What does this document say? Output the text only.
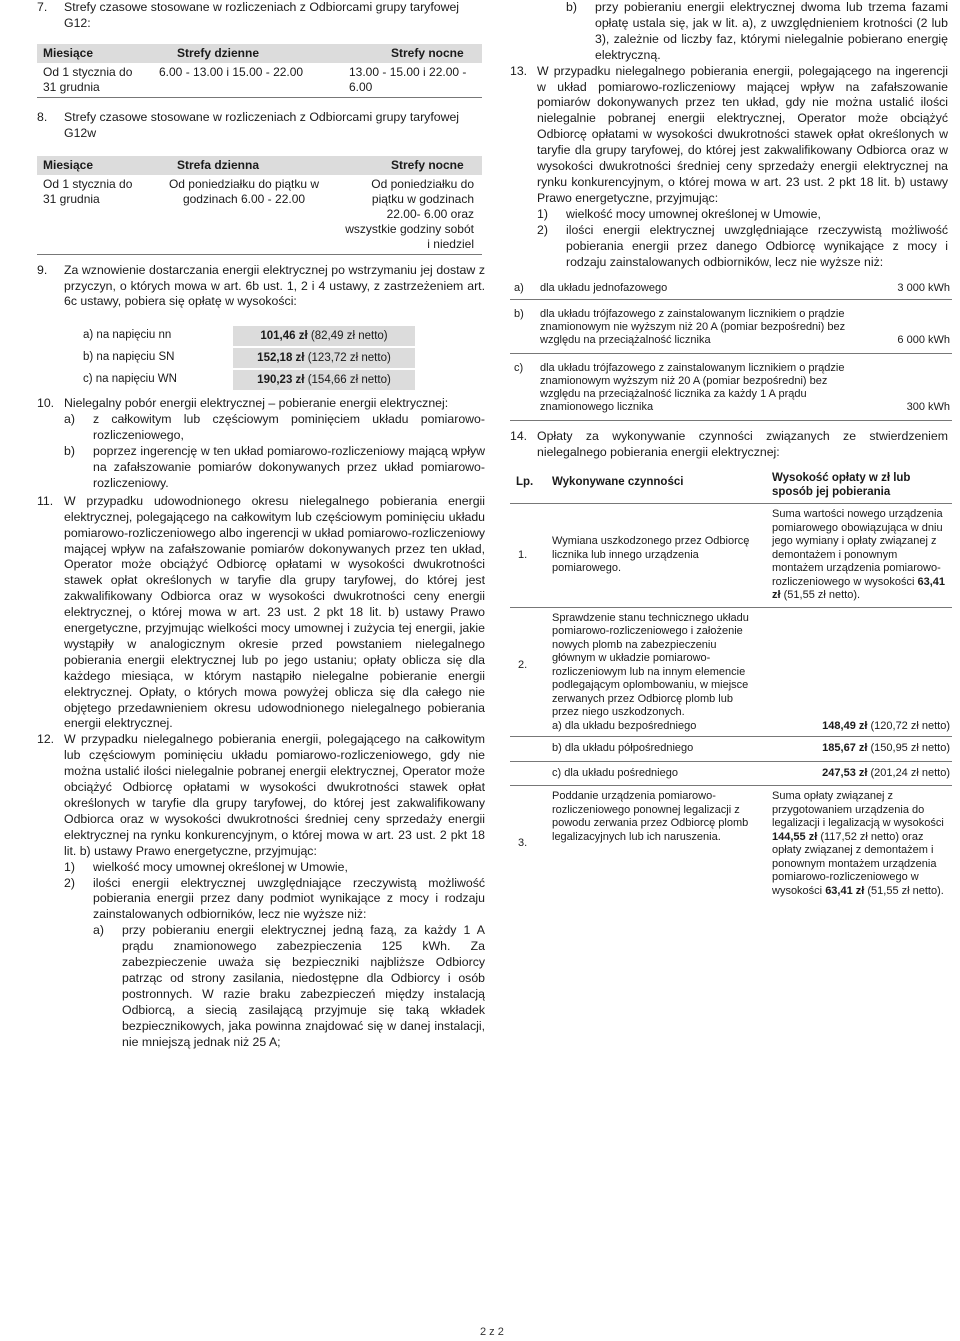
7. Strefy czasowe stosowane w rozliczeniach z Odbiorcami grupy taryfowej G12:

Miesiące	Strefy dzienne	Strefy nocne
Od 1 stycznia do 31 grudnia	6.00 - 13.00 i 15.00 - 22.00	13.00 - 15.00 i 22.00 - 6.00
8. Strefy czasowe stosowane w rozliczeniach z Odbiorcami grupy taryfowej G12w

Miesiące	Strefa dzienna	Strefy nocne
Od 1 stycznia do 31 grudnia	Od poniedziałku do piątku w godzinach 6.00 - 22.00	Od poniedziałku do piątku w godzinach 22.00- 6.00 oraz wszystkie godziny sobót i niedziel
9. Za wznowienie dostarczania energii elektrycznej po wstrzymaniu jej dostaw z przyczyn, o których mowa w art. 6b ust. 1, 2 i 4 ustawy, z zastrzeżeniem art. 6c ustawy, pobiera się opłatę w wysokości:

a) na napięciu nn	101,46 zł (82,49 zł netto)
b) na napięciu SN	152,18 zł (123,72 zł netto)
c) na napięciu WN	190,23 zł (154,66 zł netto)
10. Nielegalny pobór energii elektrycznej – pobieranie energii elektrycznej:

a) z całkowitym lub częściowym pominięciem układu pomiarowo-rozliczeniowego,

b) poprzez ingerencję w ten układ pomiarowo-rozliczeniowy mającą wpływ na zafałszowanie pomiarów dokonywanych przez układ pomiarowo-rozliczeniowy.

11. W przypadku udowodnionego okresu nielegalnego pobierania energii elektrycznej, polegającego na całkowitym lub częściowym pominięciu układu pomiarowo-rozliczeniowego albo ingerencji w układ pomiarowo-rozliczeniowy mającej wpływ na zafałszowanie pomiarów dokonywanych przez ten układ, Operator może obciążyć Odbiorcę opłatami w wysokości dwukrotności stawek opłat określonych w taryfie dla grupy taryfowej, do której jest zakwalifikowany Odbiorca oraz w wysokości dwukrotności ceny energii elektrycznej, o której mowa w art. 23 ust. 2 pkt 18 lit. b) ustawy Prawo energetyczne, przyjmując wielkości mocy umownej i zużycia tej energii, jakie wystąpiły w analogicznym okresie przed powstaniem nielegalnego pobierania energii elektrycznej lub po jego ustaniu; opłaty oblicza się dla każdego miesiąca, w którym nastąpiło nielegalne pobieranie energii elektrycznej. Opłaty, o których mowa powyżej oblicza się dla całego nie objętego przedawnieniem okresu udowodnionego nielegalnego pobierania energii elektrycznej.

12. W przypadku nielegalnego pobierania energii, polegającego na całkowitym lub częściowym pominięciu układu pomiarowo-rozliczeniowego, gdy nie można ustalić ilości nielegalnie pobranej energii elektrycznej, Operator może obciążyć Odbiorcę opłatami w wysokości dwukrotności stawek opłat określonych w taryfie dla grupy taryfowej, do której jest zakwalifikowany Odbiorca oraz w wysokości dwukrotności średniej ceny sprzedaży energii elektrycznej na rynku konkurencyjnym, o której mowa w art. 23 ust. 2 pkt 18 lit. b) ustawy Prawo energetyczne, przyjmując:

1) wielkość mocy umownej określonej w Umowie,

2) ilości energii elektrycznej uwzględniające rzeczywistą możliwość pobierania energii przez dany podmiot wynikające z mocy i rodzaju zainstalowanych odbiorników, lecz nie wyższe niż:

a) przy pobieraniu energii elektrycznej jedną fazą, za każdy 1 A prądu znamionowego zabezpieczenia 125 kWh. Za zabezpieczenie uważa się bezpieczniki najbliższe Odbiorcy patrząc od strony zasilania, niedostępne dla Odbiorcy i osób postronnych. W razie braku zabezpieczeń między instalacją Odbiorcą, a siecią zasilającą przyjmuje się taką wkładek bezpiecznikowych, jaka powinna znajdować się w danej instalacji, nie mniejszą jednak niż 25 A;

b) przy pobieraniu energii elektrycznej dwoma lub trzema fazami opłatę ustala się, jak w lit. a), z uwzględnieniem krotności (2 lub 3), zależnie od liczby faz, którymi nielegalnie pobierano energię elektryczną.

13. W przypadku nielegalnego pobierania energii, polegającego na ingerencji w układ pomiarowo-rozliczeniowy mającej wpływ na zafałszowanie pomiarów dokonywanych przez ten układ, gdy nie można ustalić ilości nielegalnie pobranej energii elektrycznej, Operator może obciążyć Odbiorcę opłatami w wysokości dwukrotności stawek opłat określonych w taryfie dla grupy taryfowej, do której jest zakwalifikowany Odbiorca oraz w wysokości dwukrotności średniej ceny sprzedaży energii elektrycznej na rynku konkurencyjnym, o której mowa w art. 23 ust. 2 pkt 18 lit. b) ustawy Prawo energetyczne, przyjmując:

1) wielkość mocy umownej określonej w Umowie,

2) ilości energii elektrycznej uwzględniające rzeczywistą możliwość pobierania energii przez danego Odbiorcę wynikające z mocy i rodzaju zainstalowanych odbiorników, lecz nie wyższe niż:

a)	dla układu jednofazowego	3 000 kWh
b)	dla układu trójfazowego z zainstalowanym licznikiem o prądzie znamionowym nie wyższym niż 20 A (pomiar bezpośredni) bez względu na przeciążalność licznika	6 000 kWh
c)	dla układu trójfazowego z zainstalowanym licznikiem o prądzie znamionowym wyższym niż 20 A (pomiar bezpośredni) bez względu na przeciążalność licznika za każdy 1 A prądu znamionowego licznika	300 kWh
14. Opłaty za wykonywanie czynności związanych ze stwierdzeniem nielegalnego pobierania energii elektrycznej:

Lp.	Wykonywane czynności	Wysokość opłaty w zł lub sposób jej pobierania
1.	Wymiana uszkodzonego przez Odbiorcę licznika lub innego urządzenia pomiarowego.	Suma wartości nowego urządzenia pomiarowego obowiązująca w dniu jego wymiany i opłaty związanej z demontażem i ponownym montażem urządzenia pomiarowo-rozliczeniowego w wysokości 63,41 zł (51,55 zł netto).
2.	Sprawdzenie stanu technicznego układu pomiarowo-rozliczeniowego i założenie nowych plomb na zabezpieczeniu głównym w układzie pomiarowo-rozliczeniowym lub na innym elemencie podlegającym oplombowaniu, w miejsce zerwanych przez Odbiorcę plomb lub przez niego uszkodzonych.	
	a) dla układu bezpośredniego	148,49 zł (120,72 zł netto)
	b) dla układu półpośredniego	185,67 zł (150,95 zł netto)
	c) dla układu pośredniego	247,53 zł (201,24 zł netto)
3.	Poddanie urządzenia pomiarowo-rozliczeniowego ponownej legalizacji z powodu zerwania przez Odbiorcę plomb legalizacyjnych lub ich naruszenia.	Suma opłaty związanej z przygotowaniem urządzenia do legalizacji i legalizacją w wysokości 144,55 zł (117,52 zł netto) oraz opłaty związanej z demontażem i ponownym montażem urządzenia pomiarowo-rozliczeniowego w wysokości 63,41 zł (51,55 zł netto).
2 z 2
